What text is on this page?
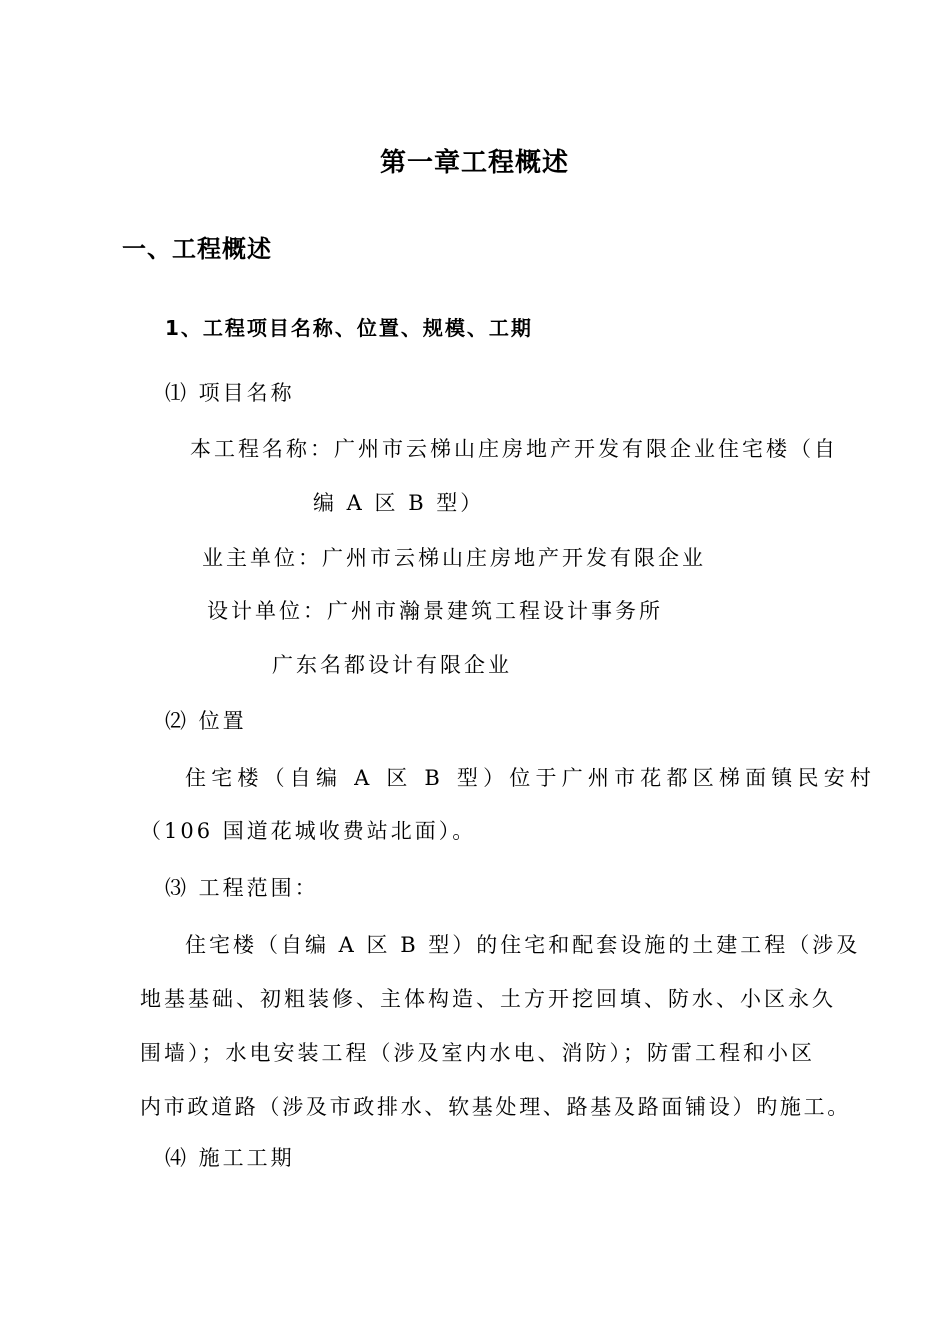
第一章工程概述
一、工程概述
1、工程项目名称、位置、规模、工期
⑴ 项目名称
本工程名称：广州市云梯山庄房地产开发有限企业住宅楼（自
编 A 区 B 型）
业主单位：广州市云梯山庄房地产开发有限企业
设计单位：广州市瀚景建筑工程设计事务所
广东名都设计有限企业
⑵ 位置
住宅楼（自编 A 区 B 型）位于广州市花都区梯面镇民安村
（106 国道花城收费站北面）。
⑶ 工程范围：
住宅楼（自编 A 区 B 型）的住宅和配套设施的土建工程（涉及
地基基础、初粗装修、主体构造、土方开挖回填、防水、小区永久
围墙）；水电安装工程（涉及室内水电、消防）；防雷工程和小区
内市政道路（涉及市政排水、软基处理、路基及路面铺设）旳施工。
⑷ 施工工期
